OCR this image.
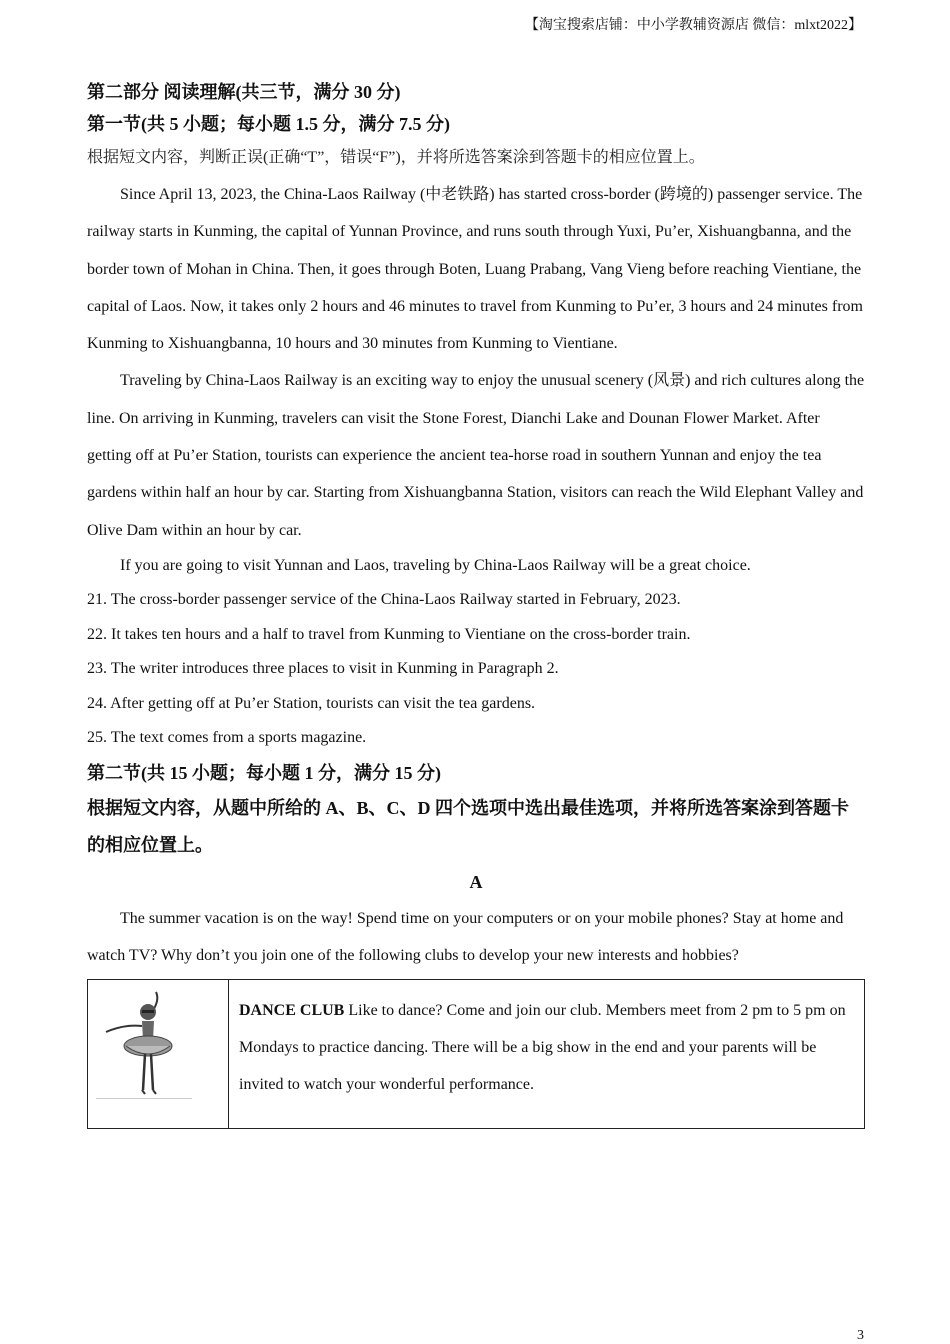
【淘宝搜索店铺：中小学教辅资源店 微信：mlxt2022】

第二部分 阅读理解(共三节，满分 30 分)

第一节(共 5 小题；每小题 1.5 分，满分 7.5 分)

根据短文内容，判断正误(正确“T”，错误“F”)，并将所选答案涂到答题卡的相应位置上。

Since April 13, 2023, the China-Laos Railway (中老铁路) has started cross-border (跨境的) passenger service. The railway starts in Kunming, the capital of Yunnan Province, and runs south through Yuxi, Pu’er, Xishuangbanna, and the border town of Mohan in China. Then, it goes through Boten, Luang Prabang, Vang Vieng before reaching Vientiane, the capital of Laos. Now, it takes only 2 hours and 46 minutes to travel from Kunming to Pu’er, 3 hours and 24 minutes from Kunming to Xishuangbanna, 10 hours and 30 minutes from Kunming to Vientiane.

Traveling by China-Laos Railway is an exciting way to enjoy the unusual scenery (风景) and rich cultures along the line. On arriving in Kunming, travelers can visit the Stone Forest, Dianchi Lake and Dounan Flower Market. After getting off at Pu’er Station, tourists can experience the ancient tea-horse road in southern Yunnan and enjoy the tea gardens within half an hour by car. Starting from Xishuangbanna Station, visitors can reach the Wild Elephant Valley and Olive Dam within an hour by car.

If you are going to visit Yunnan and Laos, traveling by China-Laos Railway will be a great choice.

21. The cross-border passenger service of the China-Laos Railway started in February, 2023.

22. It takes ten hours and a half to travel from Kunming to Vientiane on the cross-border train.

23. The writer introduces three places to visit in Kunming in Paragraph 2.

24. After getting off at Pu’er Station, tourists can visit the tea gardens.

25. The text comes from a sports magazine.

第二节(共 15 小题；每小题 1 分，满分 15 分)

根据短文内容，从题中所给的 A、B、C、D 四个选项中选出最佳选项，并将所选答案涂到答题卡的相应位置上。

A

The summer vacation is on the way! Spend time on your computers or on your mobile phones? Stay at home and watch TV? Why don’t you join one of the following clubs to develop your new interests and hobbies?

	DANCE CLUB Like to dance? Come and join our club. Members meet from 2 pm to 5 pm on Mondays to practice dancing. There will be a big show in the end and your parents will be invited to watch your wonderful performance.
3
